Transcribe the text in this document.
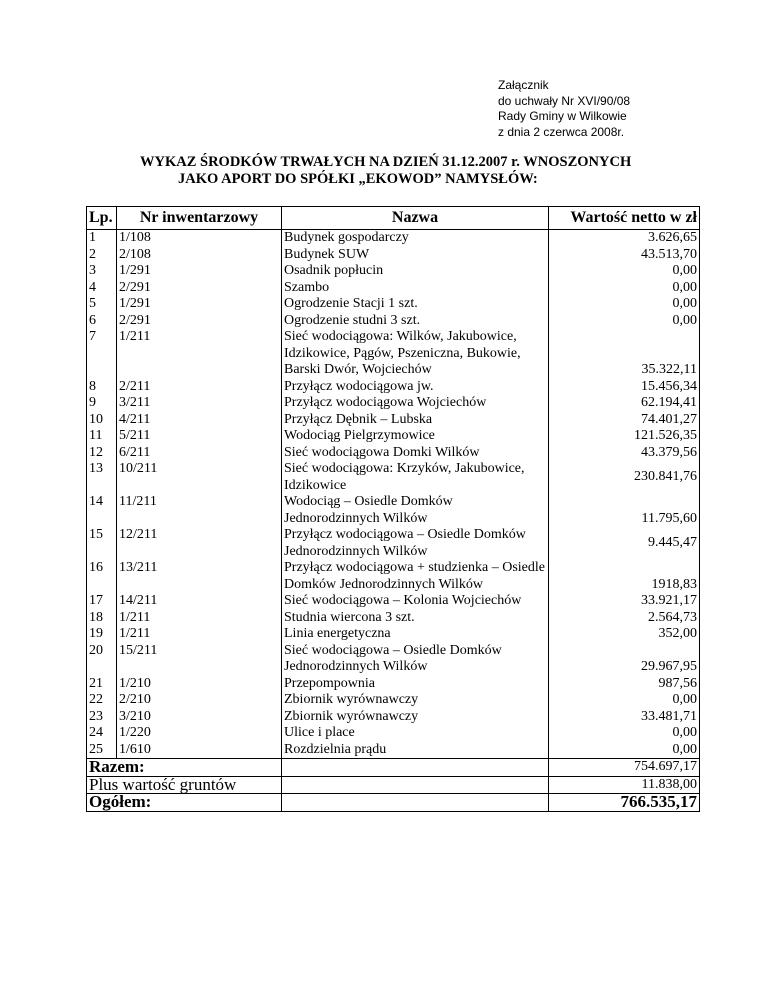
Załącznik
do uchwały Nr XVI/90/08
Rady Gminy w Wilkowie
z dnia 2 czerwca 2008r.
WYKAZ ŚRODKÓW TRWAŁYCH NA DZIEŃ 31.12.2007 r. WNOSZONYCH
JAKO APORT DO SPÓŁKI „EKOWOD” NAMYSŁÓW:
Lp.	Nr inwentarzowy	Nazwa	Wartość netto w zł
1	1/108	Budynek gospodarczy	3.626,65
2	2/108	Budynek SUW	43.513,70
3	1/291	Osadnik popłucin	0,00
4	2/291	Szambo	0,00
5	1/291	Ogrodzenie Stacji 1 szt.	0,00
6	2/291	Ogrodzenie studni 3 szt.	0,00
7	1/211	Sieć wodociągowa: Wilków, Jakubowice, Idzikowice, Pągów, Pszeniczna, Bukowie, Barski Dwór, Wojciechów	35.322,11
8	2/211	Przyłącz wodociągowa jw.	15.456,34
9	3/211	Przyłącz wodociągowa Wojciechów	62.194,41
10	4/211	Przyłącz Dębnik – Lubska	74.401,27
11	5/211	Wodociąg Pielgrzymowice	121.526,35
12	6/211	Sieć wodociągowa Domki Wilków	43.379,56
13	10/211	Sieć wodociągowa: Krzyków, Jakubowice, Idzikowice	230.841,76
14	11/211	Wodociąg – Osiedle Domków Jednorodzinnych Wilków	11.795,60
15	12/211	Przyłącz wodociągowa – Osiedle Domków Jednorodzinnych Wilków	9.445,47
16	13/211	Przyłącz wodociągowa + studzienka – Osiedle Domków Jednorodzinnych Wilków	1918,83
17	14/211	Sieć wodociągowa – Kolonia Wojciechów	33.921,17
18	1/211	Studnia wiercona 3 szt.	2.564,73
19	1/211	Linia energetyczna	352,00
20	15/211	Sieć wodociągowa – Osiedle Domków Jednorodzinnych Wilków	29.967,95
21	1/210	Przepompownia	987,56
22	2/210	Zbiornik wyrównawczy	0,00
23	3/210	Zbiornik wyrównawczy	33.481,71
24	1/220	Ulice i place	0,00
25	1/610	Rozdzielnia prądu	0,00
Razem:			754.697,17
Plus wartość gruntów			11.838,00
Ogółem:			766.535,17
